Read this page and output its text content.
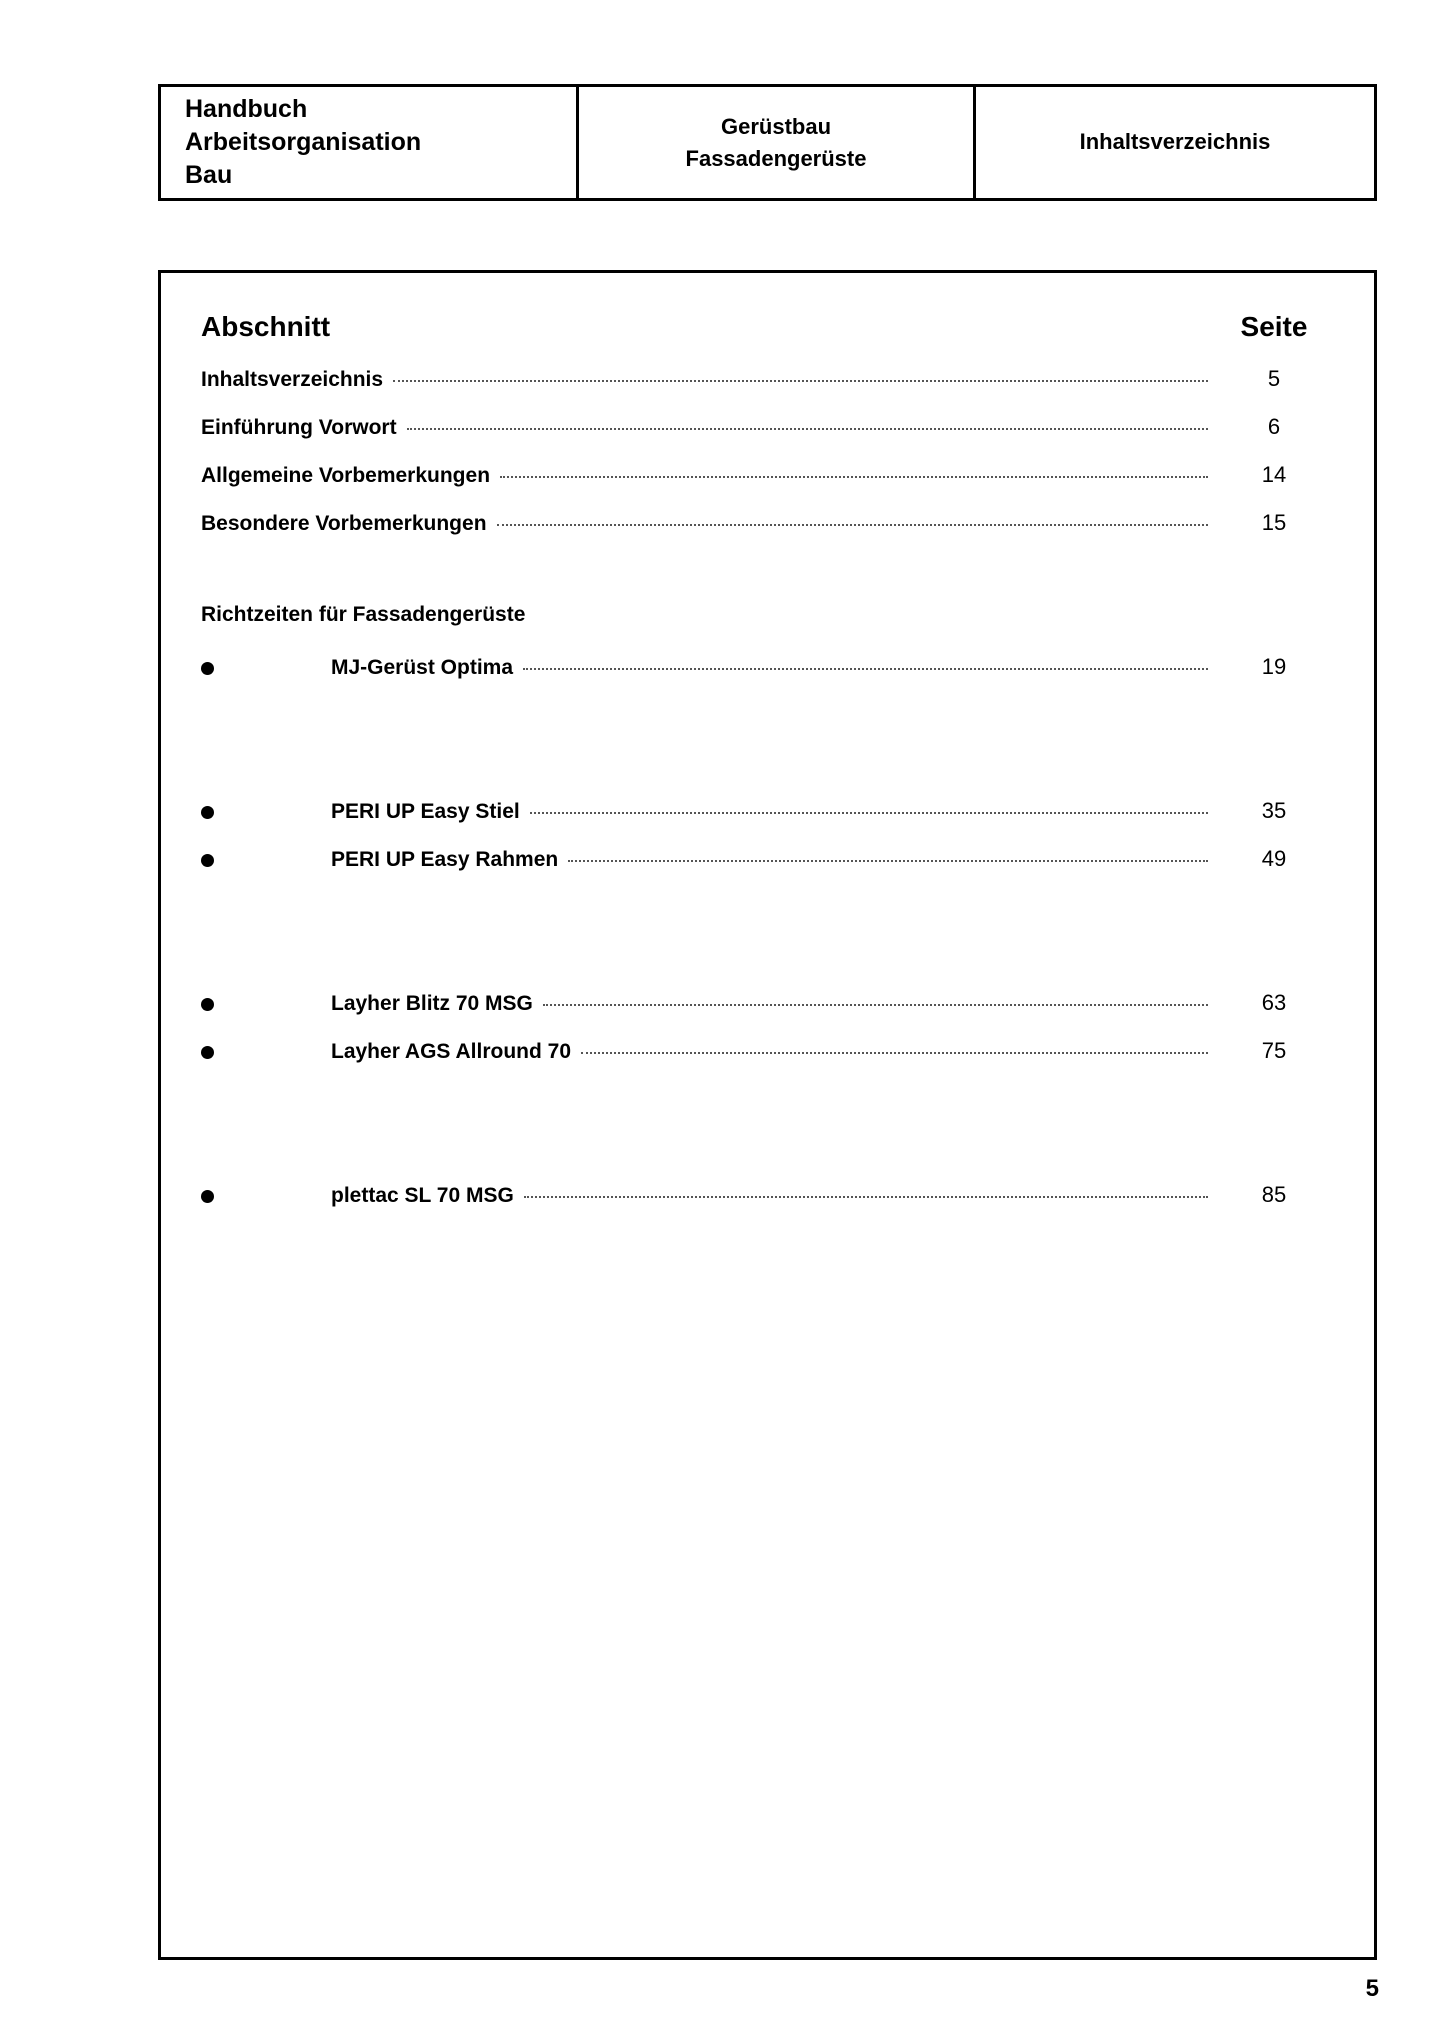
Handbuch
Arbeitsorganisation
Bau
Gerüstbau
Fassadengerüste
Inhaltsverzeichnis
Abschnitt	Seite
Inhaltsverzeichnis	5
Einführung Vorwort	6
Allgemeine Vorbemerkungen	14
Besondere Vorbemerkungen	15
Richtzeiten für Fassadengerüste
MJ-Gerüst Optima	19
PERI UP Easy Stiel	35
PERI UP Easy Rahmen	49
Layher Blitz 70 MSG	63
Layher AGS Allround 70	75
plettac SL 70 MSG	85
5
